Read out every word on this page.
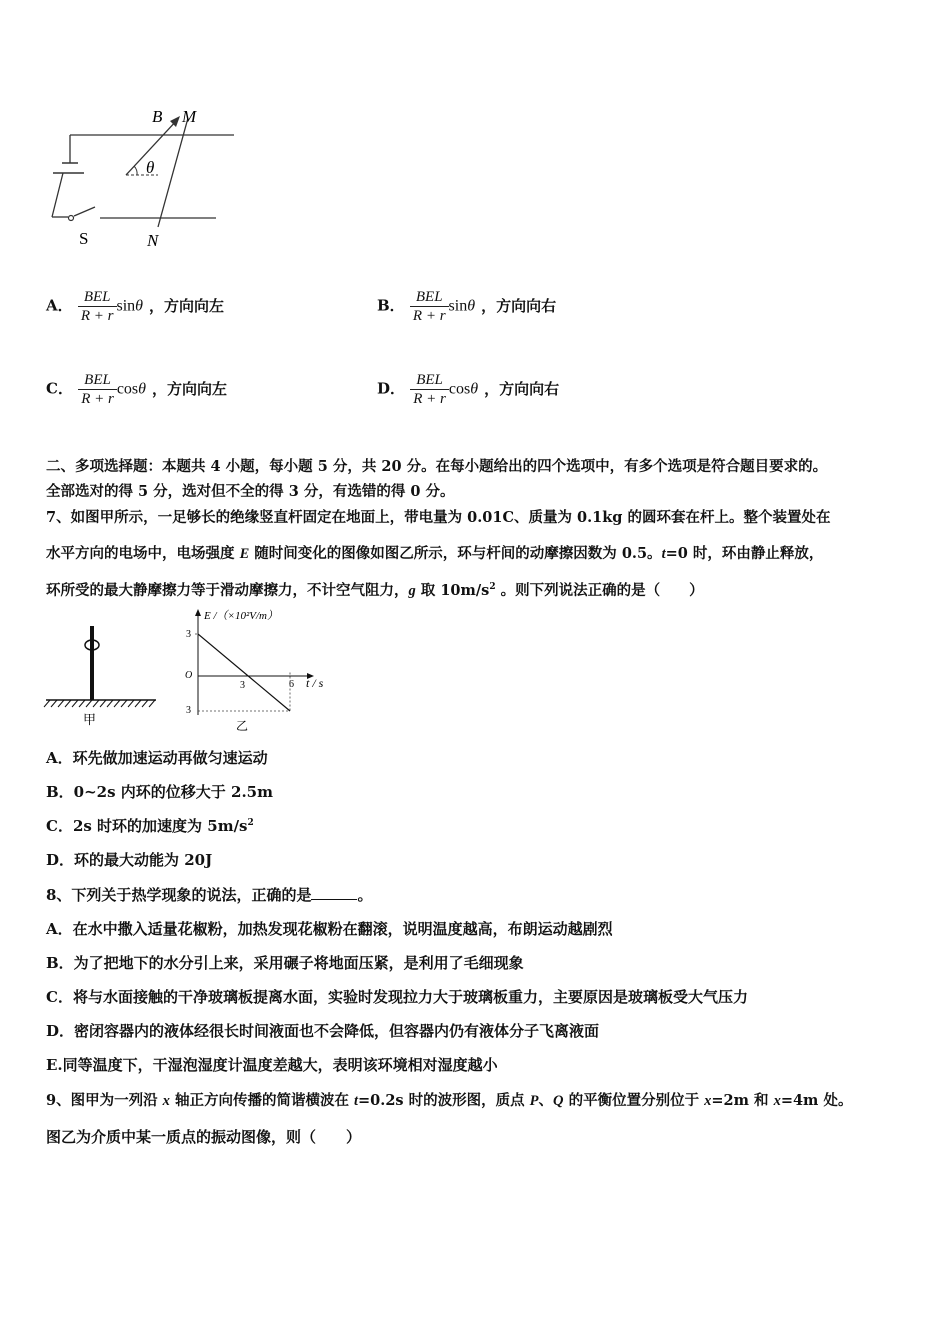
B M
θ
S	N
A． $\frac{\text{BEL}}{R + r}$ sinθ ，方向向左	B． $\frac{\text{BEL}}{R + r}$ sinθ ，方向向右
C． $\frac{\text{BEL}}{R + r}$ cosθ ，方向向左	D． $\frac{\text{BEL}}{R + r}$ cosθ ，方向向右
二、多项选择题：本题共 4 小题，每小题 5 分，共 20 分。在每小题给出的四个选项中，有多个选项是符合题目要求的。
全部选对的得 5 分，选对但不全的得 3 分，有选错的得 0 分。
7、如图甲所示，一足够长的绝缘竖直杆固定在地面上，带电量为 0.01C、质量为 0.1kg 的圆环套在杆上。整个装置处在
水平方向的电场中，电场强度 E 随时间变化的图像如图乙所示，环与杆间的动摩擦因数为 0.5。t=0 时，环由静止释放，
环所受的最大静摩擦力等于滑动摩擦力，不计空气阻力，g 取 $10m/s^2$ 。则下列说法正确的是（　　）
甲
E /（×10²V/m）
t / s
3
O
3
3	6
乙
A．环先做加速运动再做匀速运动
B．0~2s 内环的位移大于 2.5m
C．2s 时环的加速度为 $5m/s^2$
D．环的最大动能为 20J
8、下列关于热学现象的说法，正确的是	。
A．在水中撒入适量花椒粉，加热发现花椒粉在翻滚，说明温度越高，布朗运动越剧烈
B．为了把地下的水分引上来，采用碾子将地面压紧，是利用了毛细现象
C．将与水面接触的干净玻璃板提离水面，实验时发现拉力大于玻璃板重力，主要原因是玻璃板受大气压力
D．密闭容器内的液体经很长时间液面也不会降低，但容器内仍有液体分子飞离液面
E.同等温度下，干湿泡湿度计温度差越大，表明该环境相对湿度越小
9、图甲为一列沿 x 轴正方向传播的简谐横波在 t=0.2s 时的波形图，质点 P、Q 的平衡位置分别位于 x=2m 和 x=4m 处。
图乙为介质中某一质点的振动图像，则（　　）
